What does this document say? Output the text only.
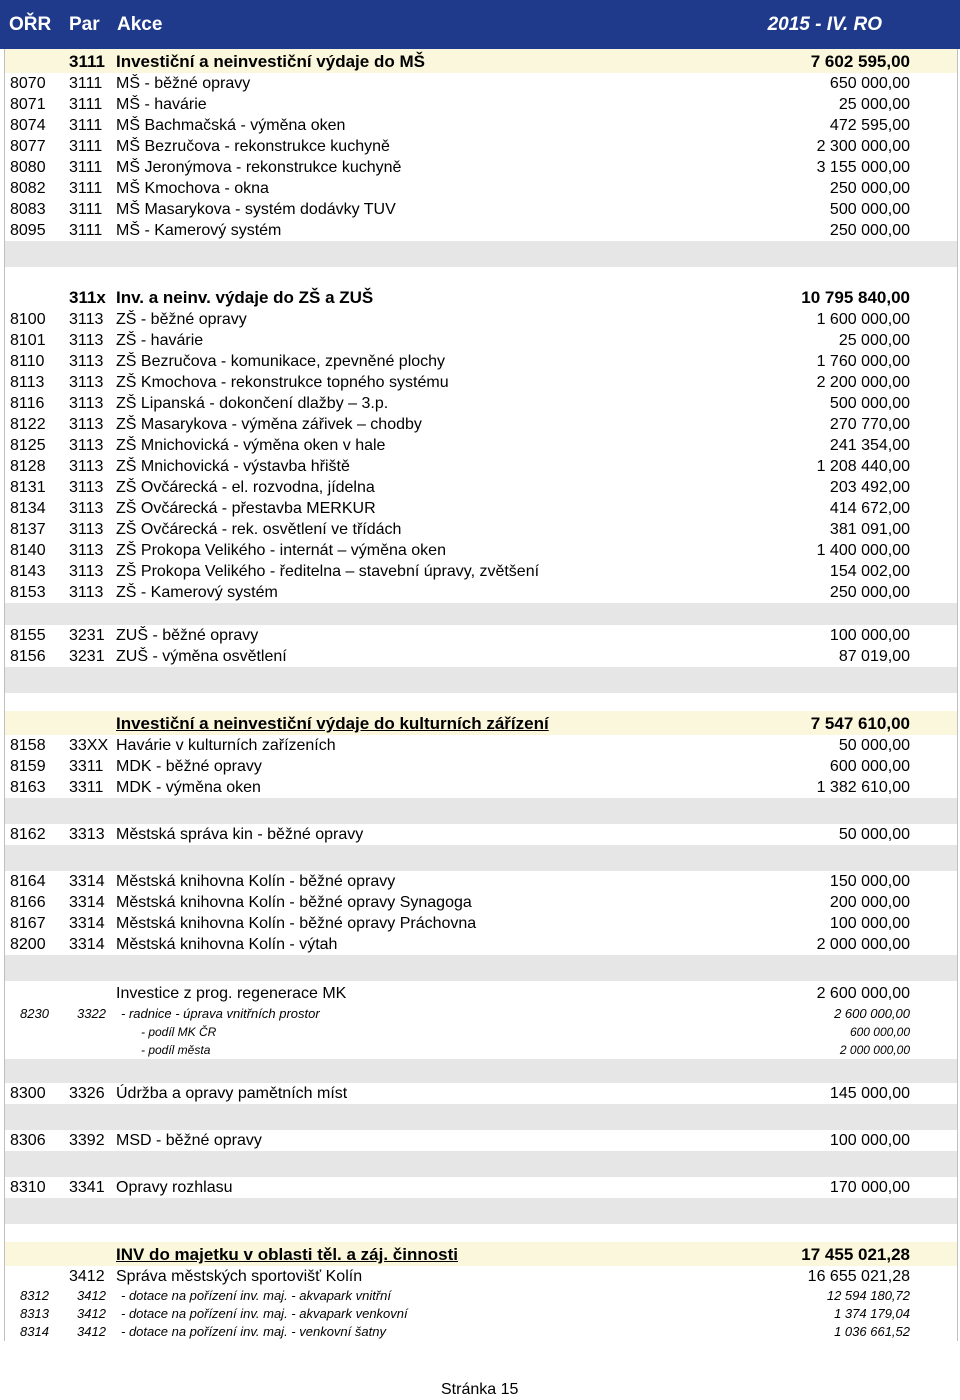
OŘR Par Akce	2015 - IV. RO
3111 Investiční a neinvestiční výdaje do MŠ	7 602 595,00
8070 3111 MŠ - běžné opravy	650 000,00
8071 3111 MŠ - havárie	25 000,00
8074 3111 MŠ Bachmačská - výměna oken	472 595,00
8077 3111 MŠ Bezručova - rekonstrukce kuchyně	2 300 000,00
8080 3111 MŠ Jeronýmova - rekonstrukce kuchyně	3 155 000,00
8082 3111 MŠ Kmochova - okna	250 000,00
8083 3111 MŠ Masarykova - systém dodávky TUV	500 000,00
8095 3111 MŠ - Kamerový systém	250 000,00
311x Inv. a neinv. výdaje do ZŠ a ZUŠ	10 795 840,00
8100 3113 ZŠ - běžné opravy	1 600 000,00
8101 3113 ZŠ - havárie	25 000,00
8110 3113 ZŠ Bezručova - komunikace, zpevněné plochy	1 760 000,00
8113 3113 ZŠ Kmochova - rekonstrukce topného systému	2 200 000,00
8116 3113 ZŠ Lipanská - dokončení dlažby – 3.p.	500 000,00
8122 3113 ZŠ Masarykova - výměna zářivek – chodby	270 770,00
8125 3113 ZŠ Mnichovická - výměna oken v hale	241 354,00
8128 3113 ZŠ Mnichovická - výstavba hřiště	1 208 440,00
8131 3113 ZŠ Ovčárecká - el. rozvodna, jídelna	203 492,00
8134 3113 ZŠ Ovčárecká - přestavba MERKUR	414 672,00
8137 3113 ZŠ Ovčárecká - rek. osvětlení ve třídách	381 091,00
8140 3113 ZŠ Prokopa Velikého - internát – výměna oken	1 400 000,00
8143 3113 ZŠ Prokopa Velikého - ředitelna – stavební úpravy, zvětšení	154 002,00
8153 3113 ZŠ - Kamerový systém	250 000,00
8155 3231 ZUŠ - běžné opravy	100 000,00
8156 3231 ZUŠ - výměna osvětlení	87 019,00
Investiční a neinvestiční výdaje do kulturních zářízení	7 547 610,00
8158 33XX Havárie v kulturních zařízeních	50 000,00
8159 3311 MDK - běžné opravy	600 000,00
8163 3311 MDK - výměna oken	1 382 610,00
8162 3313 Městská správa kin - běžné opravy	50 000,00
8164 3314 Městská knihovna Kolín - běžné opravy	150 000,00
8166 3314 Městská knihovna Kolín - běžné opravy Synagoga	200 000,00
8167 3314 Městská knihovna Kolín - běžné opravy Práchovna	100 000,00
8200 3314 Městská knihovna Kolín - výtah	2 000 000,00
Investice z prog. regenerace MK	2 600 000,00
8230 3322 - radnice - úprava vnitřních prostor	2 600 000,00
- podíl MK ČR	600 000,00
- podíl města	2 000 000,00
8300 3326 Údržba a opravy pamětních míst	145 000,00
8306 3392 MSD - běžné opravy	100 000,00
8310 3341 Opravy rozhlasu	170 000,00
INV do majetku v oblasti těl. a záj. činnosti	17 455 021,28
3412 Správa městských sportovišť Kolín	16 655 021,28
8312 3412 - dotace na pořízení inv. maj. - akvapark vnitřní	12 594 180,72
8313 3412 - dotace na pořízení inv. maj. - akvapark venkovní	1 374 179,04
8314 3412 - dotace na pořízení inv. maj. - venkovní šatny	1 036 661,52
Stránka 15
